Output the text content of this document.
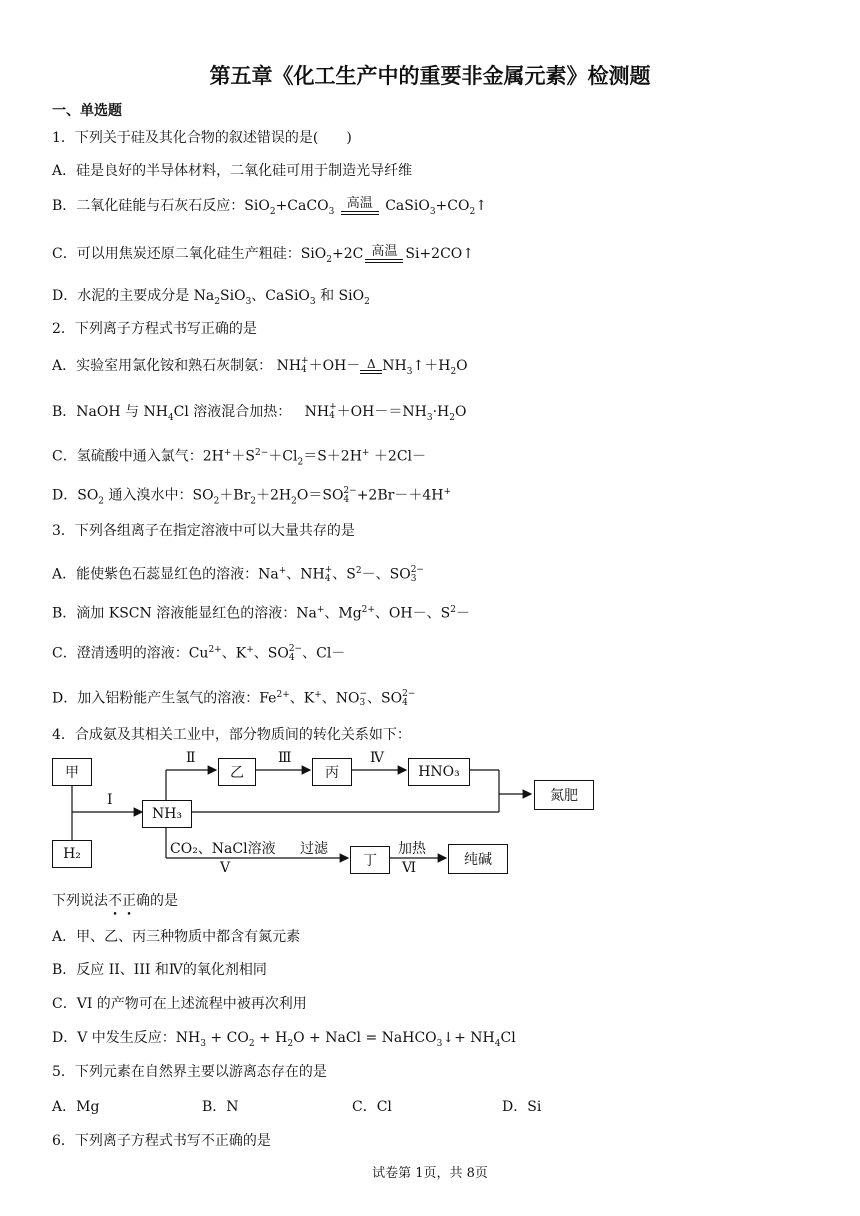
第五章《化工生产中的重要非金属元素》检测题
一、单选题
1．下列关于硅及其化合物的叙述错误的是(　　)
A．硅是良好的半导体材料，二氧化硅可用于制造光导纤维
B．二氧化硅能与石灰石反应：SiO$_2$+CaCO$_3$
高温 $CaSiO_3+CO_2↑$
C．可以用焦炭还原二氧化硅生产粗硅：SiO$_2$+2C 高温 Si+2CO↑
D．水泥的主要成分是 $Na_2SiO_3$、CaSiO$_3$ 和 SiO$_2$
2．下列离子方程式书写正确的是
A．实验室用氯化铵和熟石灰制氨： NH+
4 ＋OH－ Δ $NH_3↑+H_2O$
B．NaOH 与 $NH_4Cl$ 溶液混合加热：   NH+
$4 +OH-=NH_3\cdot H_2O$
C．氢硫酸中通入氯气：$2H^++S^{2-}+Cl_2=S+2H^+ +2Cl-$
D．$SO_2$ 通入溴水中：$SO_2+Br_2+2H_2O=SO2-$
4 +2Br－＋4H+
3．下列各组离子在指定溶液中可以大量共存的是
A．能使紫色石蕊显红色的溶液：Na+、NH+
4 、$S^2-$、SO2−
3
B．滴加 KSCN 溶液能显红色的溶液：Na+、$Mg^{2+}$、OH－、$S^2-$
C．澄清透明的溶液：$Cu^{2+}$、K+、SO2−
4 、Cl－
D．加入铝粉能产生氢气的溶液：$Fe^{2+}$、K+、NO−
3 、SO2−
4
4．合成氨及其相关工业中，部分物质间的转化关系如下：
甲
H₂
NH₃
乙	丙	HNO₃
氮肥
丁	纯碱
Ⅱ	Ⅲ	Ⅳ
I
CO₂、NaCl溶液 过滤
V
加热
Ⅵ
下列说法不正确的是
A．甲、乙、丙三种物质中都含有氮元素
B．反应 II、III 和Ⅳ的氧化剂相同
C．VI 的产物可在上述流程中被再次利用
D．V 中发生反应：$NH_3 + CO_2 + H_2O$ + NaCl = NaHCO$_3$↓+ $NH_4Cl$
5．下列元素在自然界主要以游离态存在的是
A．Mg	B．N	C．Cl	D．Si
6．下列离子方程式书写不正确的是
试卷第 1页，共 8页
